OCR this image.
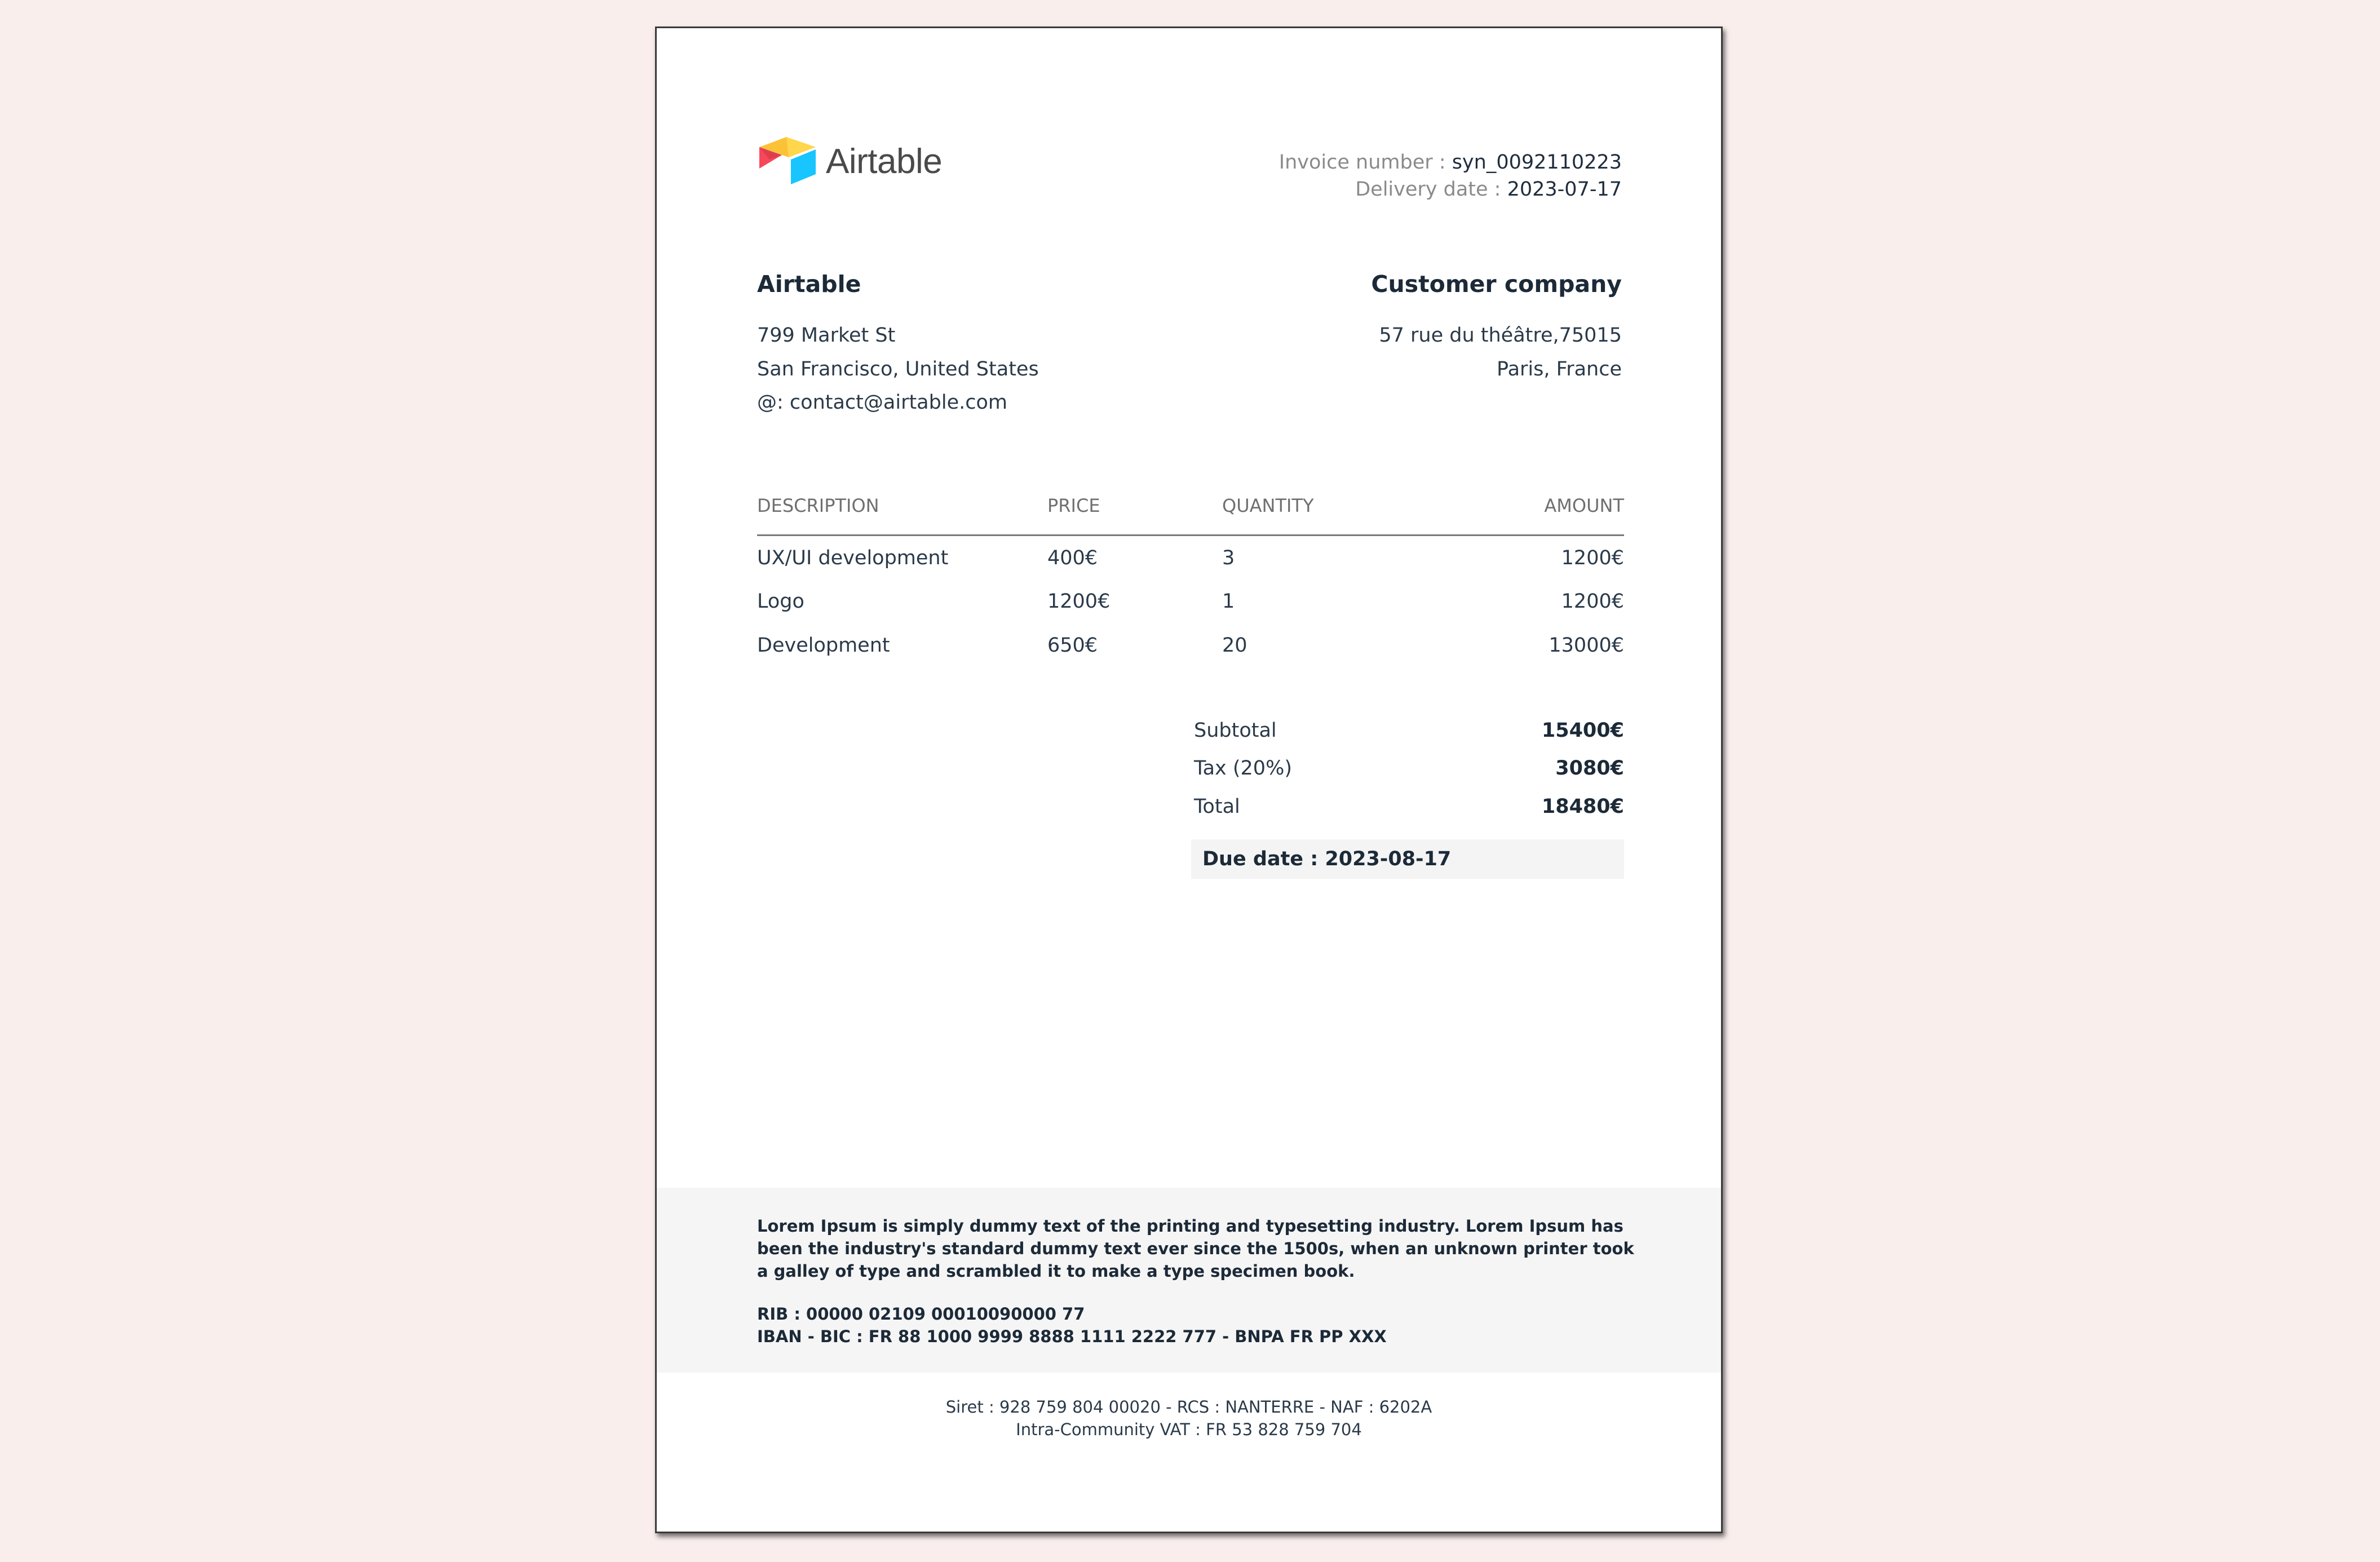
Airtable	Invoice number : syn_0092110223
Delivery date : 2023-07-17
Airtable
799 Market St
San Francisco, United States
@: contact@airtable.com
Customer company
57 rue du théâtre,75015
Paris, France
DESCRIPTION	PRICE	QUANTITY	AMOUNT
UX/UI development	400€	3	1200€
Logo	1200€	1	1200€
Development	650€	20	13000€
Subtotal	15400€
Tax (20%)	3080€
Total	18480€
Due date : 2023-08-17
Lorem Ipsum is simply dummy text of the printing and typesetting industry. Lorem Ipsum has been the industry's standard dummy text ever since the 1500s, when an unknown printer took a galley of type and scrambled it to make a type specimen book.
RIB : 00000 02109 00010090000 77
IBAN - BIC : FR 88 1000 9999 8888 1111 2222 777 - BNPA FR PP XXX
Siret : 928 759 804 00020 - RCS : NANTERRE - NAF : 6202A
Intra-Community VAT : FR 53 828 759 704
